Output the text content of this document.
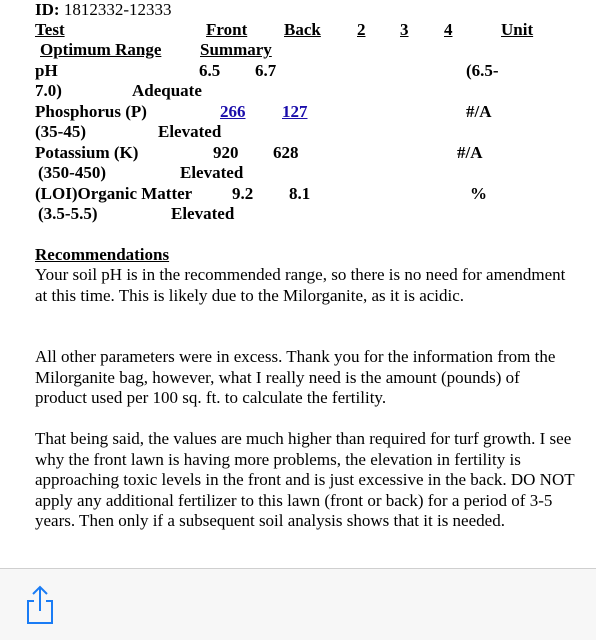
ID: 1812332-12333
Test	Front Back 2 3 4	Unit
Optimum Range Summary
pH	6.5 6.7	(6.5-
7.0)	Adequate
Phosphorus (P)	266 127	#/A
(35-45)	Elevated
Potassium (K)	920 628	#/A
(350-450)	Elevated
(LOI)Organic Matter 9.2 8.1	%
(3.5-5.5)	Elevated
Recommendations

Your soil pH is in the recommended range, so there is no need for amendment at this time. This is likely due to the Milorganite, as it is acidic.

All other parameters were in excess. Thank you for the information from the Milorganite bag, however, what I really need is the amount (pounds) of product used per 100 sq. ft. to calculate the fertility.

That being said, the values are much higher than required for turf growth. I see why the front lawn is having more problems, the elevation in fertility is approaching toxic levels in the front and is just excessive in the back. DO NOT apply any additional fertilizer to this lawn (front or back) for a period of 3-5 years. Then only if a subsequent soil analysis shows that it is needed.
